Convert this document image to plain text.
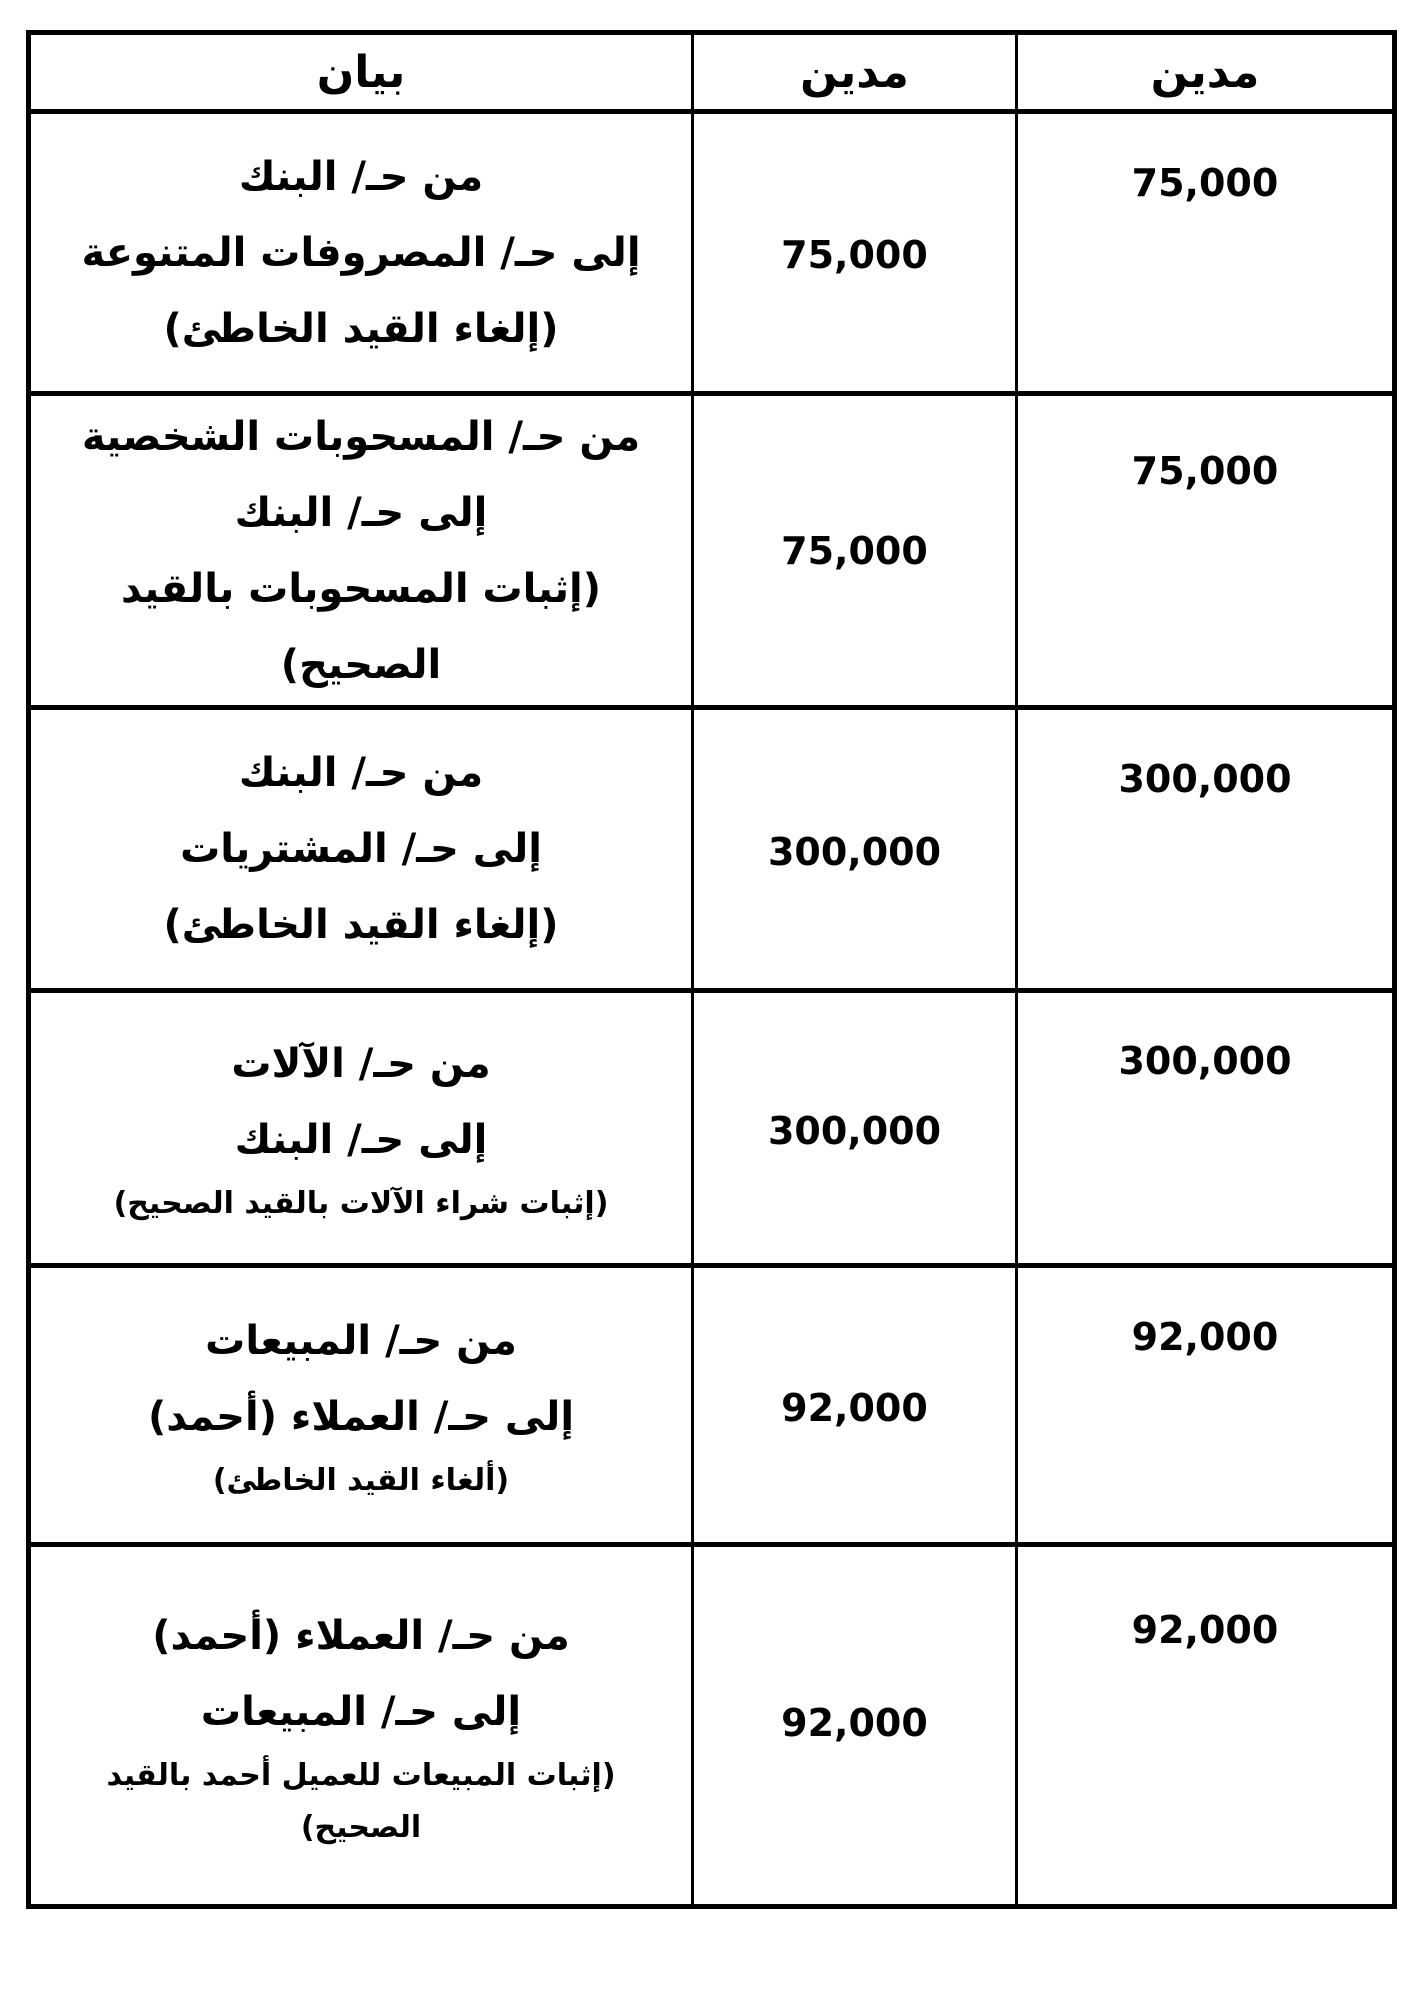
مدين	مدين	بيان

75,000	75,000	من حـ/ البنك
إلى حـ/ المصروفات المتنوعة
(إلغاء القيد الخاطئ)

75,000	75,000	من حـ/ المسحوبات الشخصية
إلى حـ/ البنك
(إثبات المسحوبات بالقيد
الصحيح)

300,000	300,000	من حـ/ البنك
إلى حـ/ المشتريات
(إلغاء القيد الخاطئ)

300,000	300,000	من حـ/ الآلات
إلى حـ/ البنك
(إثبات شراء الآلات بالقيد الصحيح)

92,000	92,000	من حـ/ المبيعات
إلى حـ/ العملاء (أحمد)
(ألغاء القيد الخاطئ)

92,000	92,000	من حـ/ العملاء (أحمد)
إلى حـ/ المبيعات
(إثبات المبيعات للعميل أحمد بالقيد
الصحيح)
